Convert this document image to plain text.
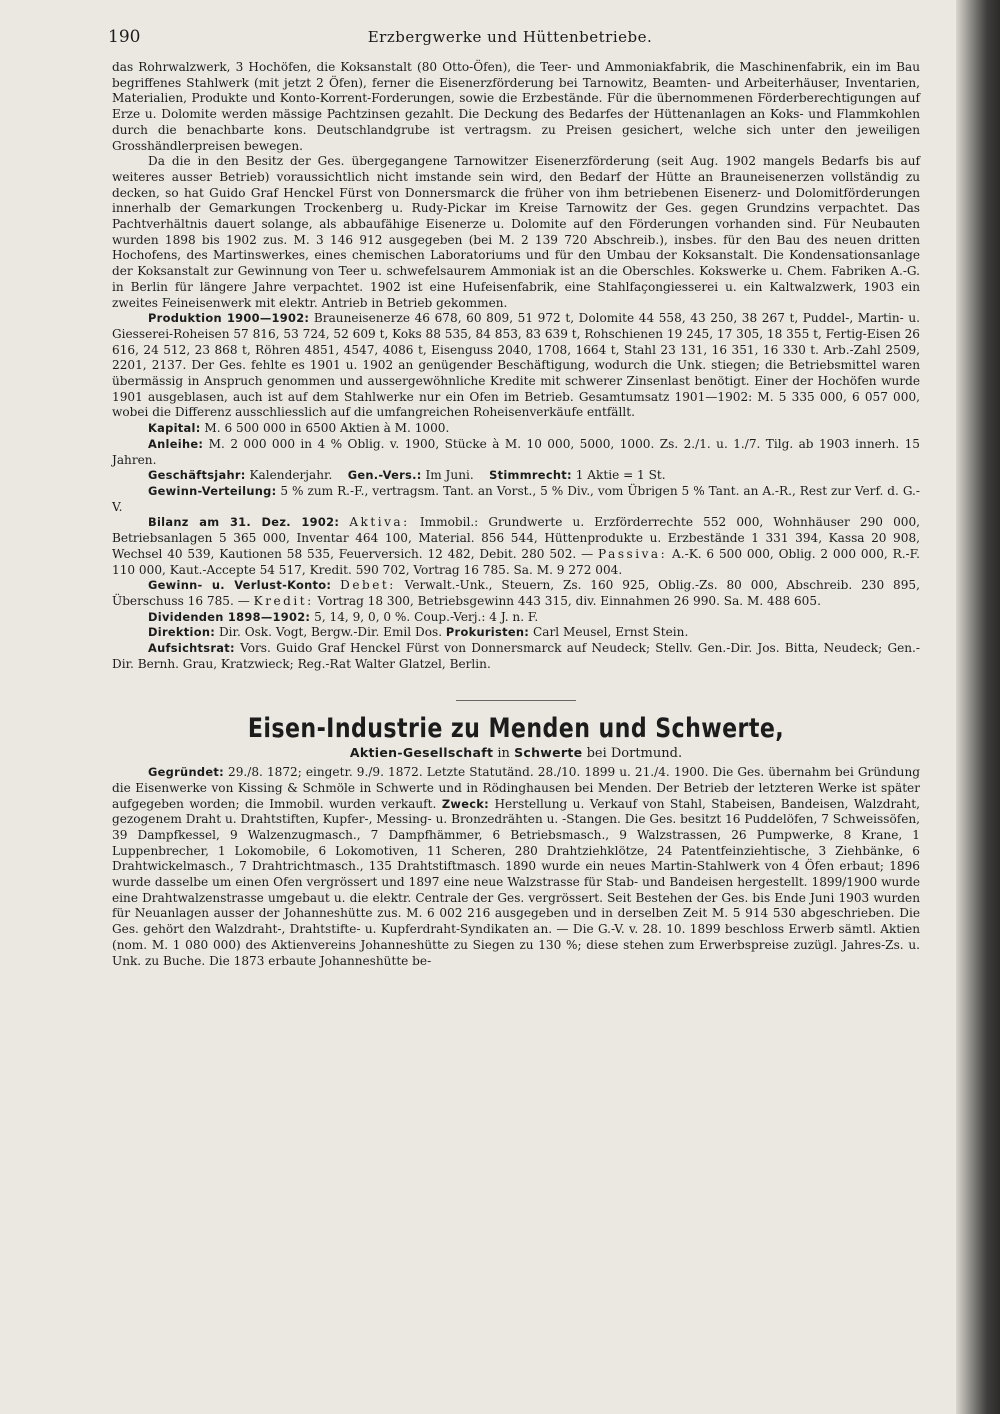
190	Erzbergwerke und Hüttenbetriebe.

das Rohrwalzwerk, 3 Hochöfen, die Koksanstalt (80 Otto-Öfen), die Teer- und Ammoniakfabrik, die Maschinenfabrik, ein im Bau begriffenes Stahlwerk (mit jetzt 2 Öfen), ferner die Eisenerzförderung bei Tarnowitz, Beamten- und Arbeiterhäuser, Inventarien, Materialien, Produkte und Konto-Korrent-Forderungen, sowie die Erzbestände. Für die übernommenen Förderberechtigungen auf Erze u. Dolomite werden mässige Pachtzinsen gezahlt. Die Deckung des Bedarfes der Hüttenanlagen an Koks- und Flammkohlen durch die benachbarte kons. Deutschlandgrube ist vertragsm. zu Preisen gesichert, welche sich unter den jeweiligen Grosshändlerpreisen bewegen.

Da die in den Besitz der Ges. übergegangene Tarnowitzer Eisenerzförderung (seit Aug. 1902 mangels Bedarfs bis auf weiteres ausser Betrieb) voraussichtlich nicht imstande sein wird, den Bedarf der Hütte an Brauneisenerzen vollständig zu decken, so hat Guido Graf Henckel Fürst von Donnersmarck die früher von ihm betriebenen Eisenerz- und Dolomitförderungen innerhalb der Gemarkungen Trockenberg u. Rudy-Pickar im Kreise Tarnowitz der Ges. gegen Grundzins verpachtet. Das Pachtverhältnis dauert solange, als abbaufähige Eisenerze u. Dolomite auf den Förderungen vorhanden sind. Für Neubauten wurden 1898 bis 1902 zus. M. 3 146 912 ausgegeben (bei M. 2 139 720 Abschreib.), insbes. für den Bau des neuen dritten Hochofens, des Martinswerkes, eines chemischen Laboratoriums und für den Umbau der Koksanstalt. Die Kondensationsanlage der Koksanstalt zur Gewinnung von Teer u. schwefelsaurem Ammoniak ist an die Oberschles. Kokswerke u. Chem. Fabriken A.-G. in Berlin für längere Jahre verpachtet. 1902 ist eine Hufeisenfabrik, eine Stahlfaçongiesserei u. ein Kaltwalzwerk, 1903 ein zweites Feineisenwerk mit elektr. Antrieb in Betrieb gekommen.

Produktion 1900—1902: Brauneisenerze 46 678, 60 809, 51 972 t, Dolomite 44 558, 43 250, 38 267 t, Puddel-, Martin- u. Giesserei-Roheisen 57 816, 53 724, 52 609 t, Koks 88 535, 84 853, 83 639 t, Rohschienen 19 245, 17 305, 18 355 t, Fertig-Eisen 26 616, 24 512, 23 868 t, Röhren 4851, 4547, 4086 t, Eisenguss 2040, 1708, 1664 t, Stahl 23 131, 16 351, 16 330 t. Arb.-Zahl 2509, 2201, 2137. Der Ges. fehlte es 1901 u. 1902 an genügender Beschäftigung, wodurch die Unk. stiegen; die Betriebsmittel waren übermässig in Anspruch genommen und aussergewöhnliche Kredite mit schwerer Zinsenlast benötigt. Einer der Hochöfen wurde 1901 ausgeblasen, auch ist auf dem Stahlwerke nur ein Ofen im Betrieb. Gesamtumsatz 1901—1902: M. 5 335 000, 6 057 000, wobei die Differenz ausschliesslich auf die umfangreichen Roheisenverkäufe entfällt.

Kapital: M. 6 500 000 in 6500 Aktien à M. 1000.

Anleihe: M. 2 000 000 in 4 % Oblig. v. 1900, Stücke à M. 10 000, 5000, 1000. Zs. 2./1. u. 1./7. Tilg. ab 1903 innerh. 15 Jahren.

Geschäftsjahr: Kalenderjahr. Gen.-Vers.: Im Juni. Stimmrecht: 1 Aktie = 1 St.

Gewinn-Verteilung: 5 % zum R.-F., vertragsm. Tant. an Vorst., 5 % Div., vom Übrigen 5 % Tant. an A.-R., Rest zur Verf. d. G.-V.

Bilanz am 31. Dez. 1902: Aktiva: Immobil.: Grundwerte u. Erzförderrechte 552 000, Wohnhäuser 290 000, Betriebsanlagen 5 365 000, Inventar 464 100, Material. 856 544, Hüttenprodukte u. Erzbestände 1 331 394, Kassa 20 908, Wechsel 40 539, Kautionen 58 535, Feuerversich. 12 482, Debit. 280 502. — Passiva: A.-K. 6 500 000, Oblig. 2 000 000, R.-F. 110 000, Kaut.-Accepte 54 517, Kredit. 590 702, Vortrag 16 785. Sa. M. 9 272 004.

Gewinn- u. Verlust-Konto: Debet: Verwalt.-Unk., Steuern, Zs. 160 925, Oblig.-Zs. 80 000, Abschreib. 230 895, Überschuss 16 785. — Kredit: Vortrag 18 300, Betriebsgewinn 443 315, div. Einnahmen 26 990. Sa. M. 488 605.

Dividenden 1898—1902: 5, 14, 9, 0, 0 %. Coup.-Verj.: 4 J. n. F.

Direktion: Dir. Osk. Vogt, Bergw.-Dir. Emil Dos. Prokuristen: Carl Meusel, Ernst Stein.

Aufsichtsrat: Vors. Guido Graf Henckel Fürst von Donnersmarck auf Neudeck; Stellv. Gen.-Dir. Jos. Bitta, Neudeck; Gen.-Dir. Bernh. Grau, Kratzwieck; Reg.-Rat Walter Glatzel, Berlin.

Eisen-Industrie zu Menden und Schwerte,
Aktien-Gesellschaft in Schwerte bei Dortmund.

Gegründet: 29./8. 1872; eingetr. 9./9. 1872. Letzte Statutänd. 28./10. 1899 u. 21./4. 1900. Die Ges. übernahm bei Gründung die Eisenwerke von Kissing & Schmöle in Schwerte und in Rödinghausen bei Menden. Der Betrieb der letzteren Werke ist später aufgegeben worden; die Immobil. wurden verkauft. Zweck: Herstellung u. Verkauf von Stahl, Stabeisen, Bandeisen, Walzdraht, gezogenem Draht u. Drahtstiften, Kupfer-, Messing- u. Bronzedrähten u. -Stangen. Die Ges. besitzt 16 Puddelöfen, 7 Schweissöfen, 39 Dampfkessel, 9 Walzenzugmasch., 7 Dampfhämmer, 6 Betriebsmasch., 9 Walzstrassen, 26 Pumpwerke, 8 Krane, 1 Luppenbrecher, 1 Lokomobile, 6 Lokomotiven, 11 Scheren, 280 Drahtziehklötze, 24 Patentfeinziehtische, 3 Ziehbänke, 6 Drahtwickelmasch., 7 Drahtrichtmasch., 135 Drahtstiftmasch. 1890 wurde ein neues Martin-Stahlwerk von 4 Öfen erbaut; 1896 wurde dasselbe um einen Ofen vergrössert und 1897 eine neue Walzstrasse für Stab- und Bandeisen hergestellt. 1899/1900 wurde eine Drahtwalzenstrasse umgebaut u. die elektr. Centrale der Ges. vergrössert. Seit Bestehen der Ges. bis Ende Juni 1903 wurden für Neuanlagen ausser der Johanneshütte zus. M. 6 002 216 ausgegeben und in derselben Zeit M. 5 914 530 abgeschrieben. Die Ges. gehört den Walzdraht-, Drahtstifte- u. Kupferdraht-Syndikaten an. — Die G.-V. v. 28. 10. 1899 beschloss Erwerb sämtl. Aktien (nom. M. 1 080 000) des Aktienvereins Johanneshütte zu Siegen zu 130 %; diese stehen zum Erwerbspreise zuzügl. Jahres-Zs. u. Unk. zu Buche. Die 1873 erbaute Johanneshütte be-
